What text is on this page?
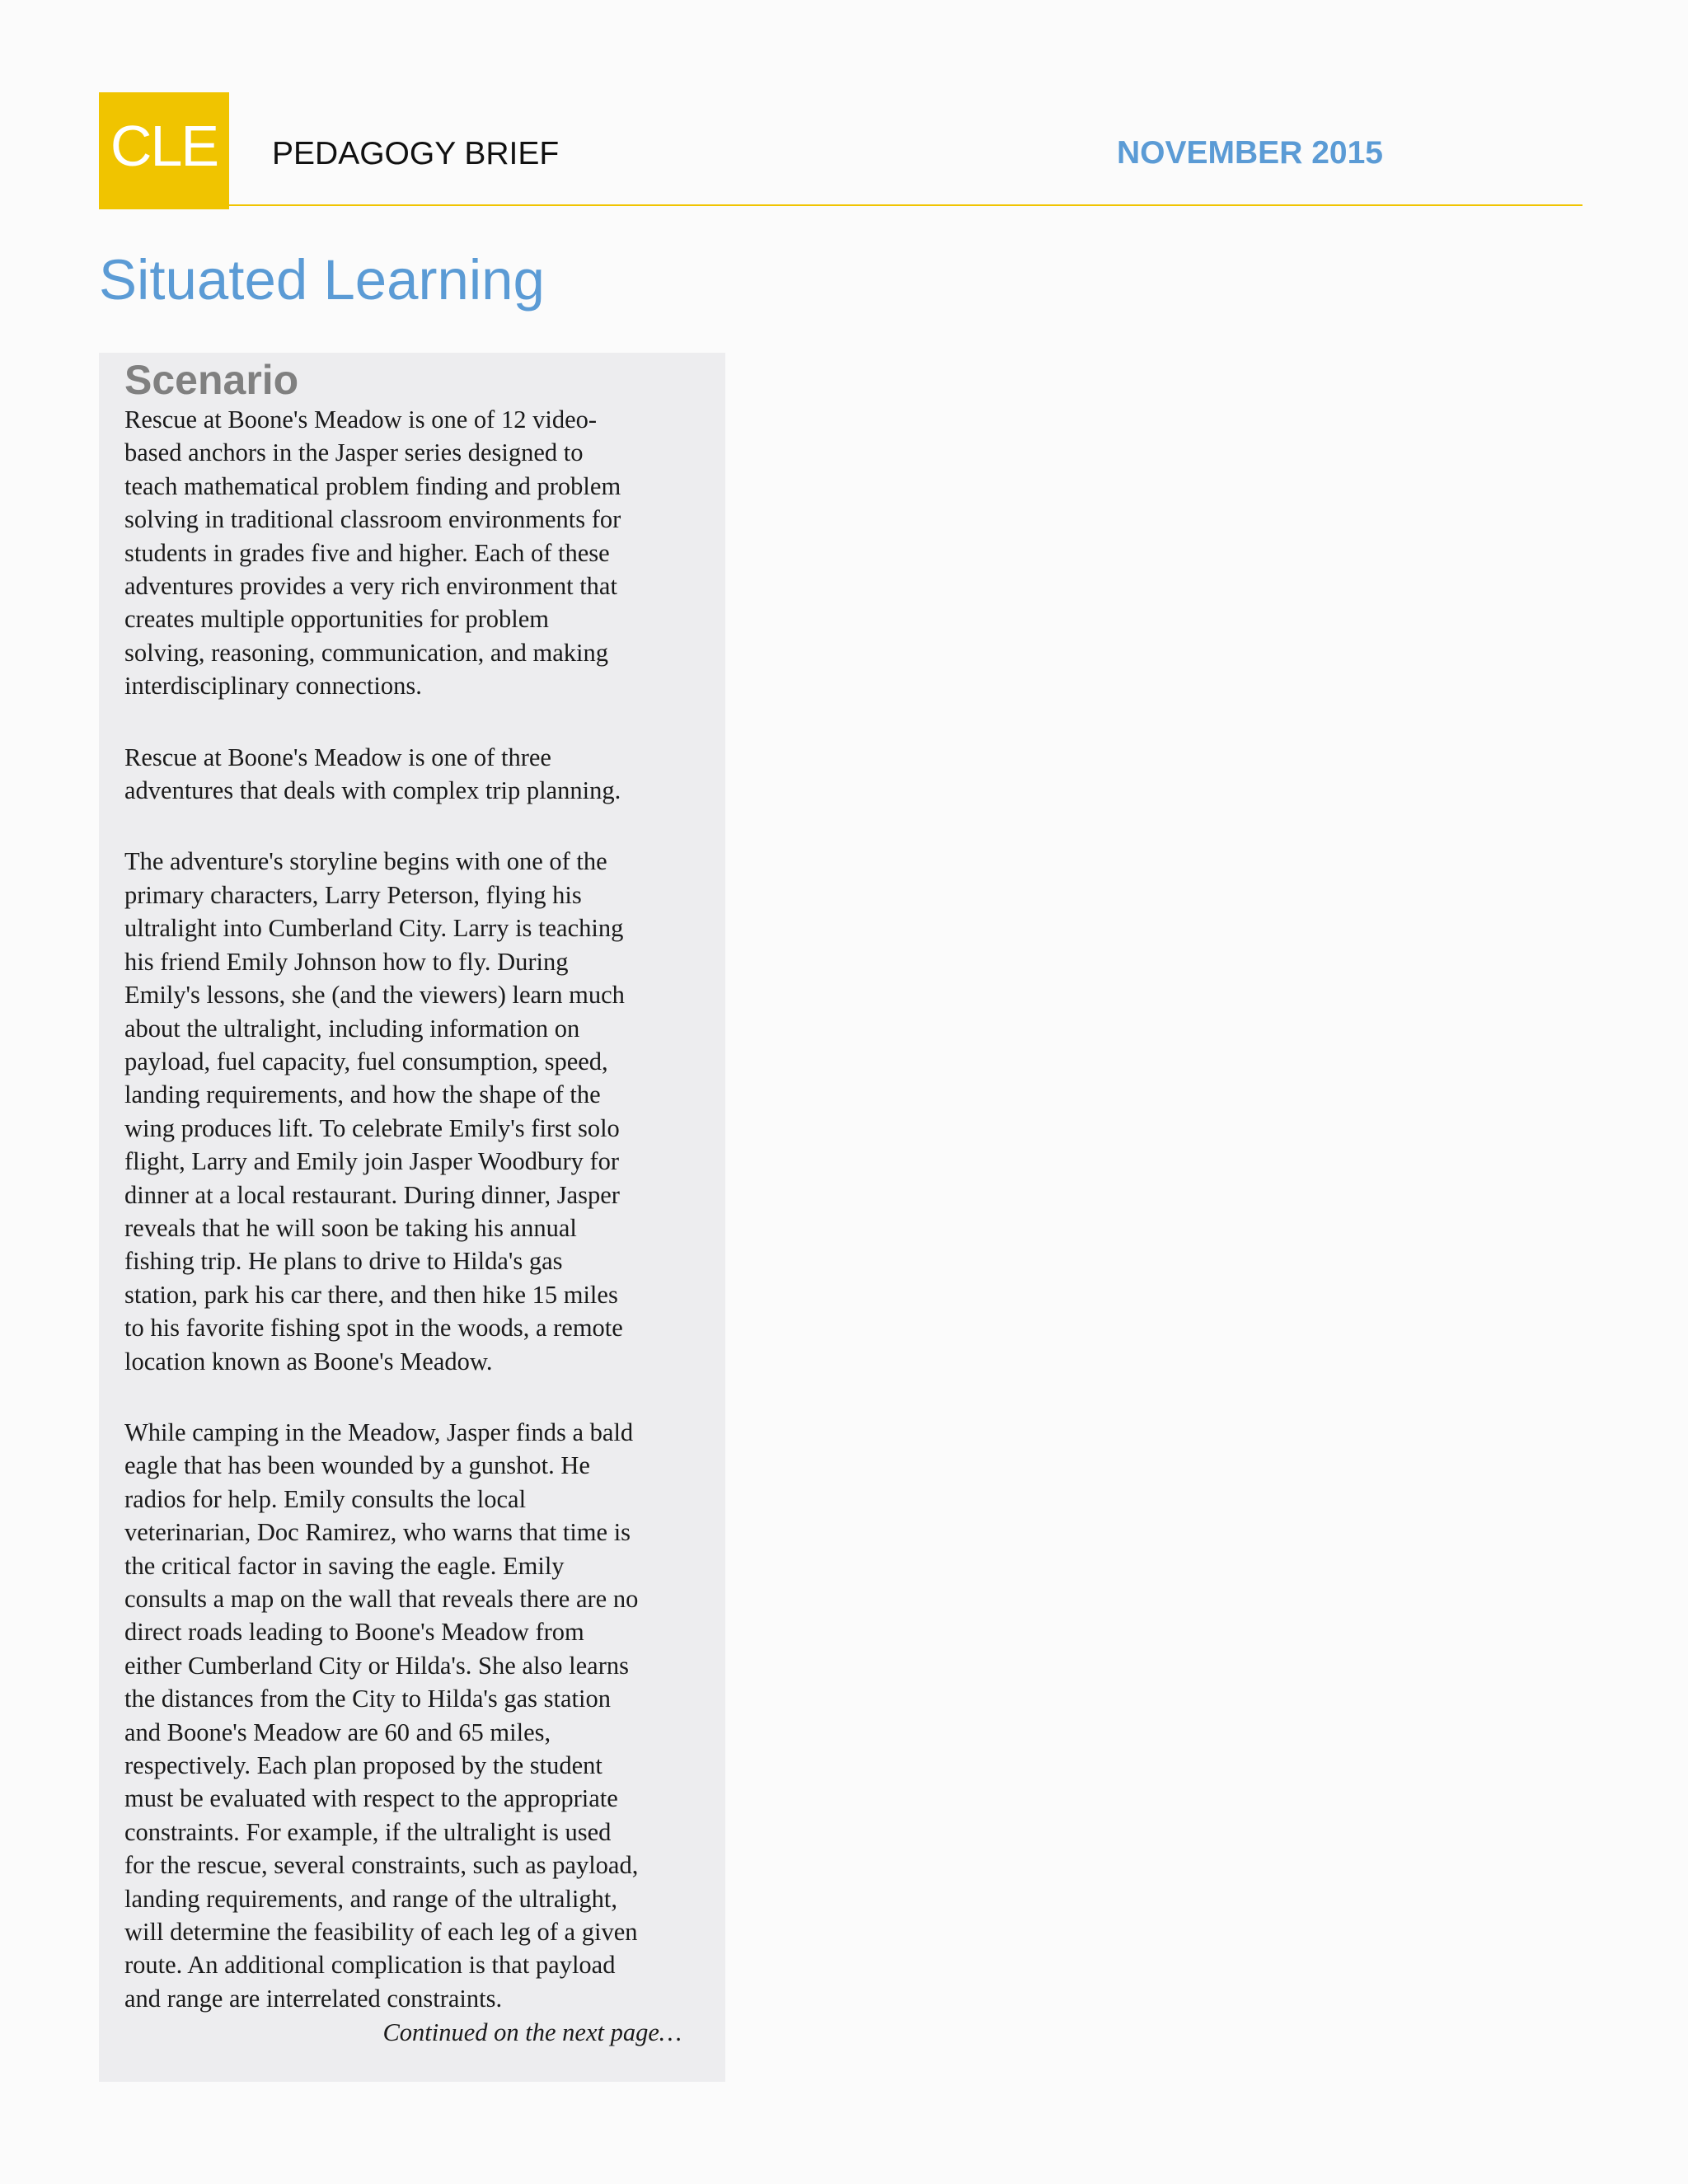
CLE	PEDAGOGY BRIEF	NOVEMBER 2015
Situated Learning
Scenario

Rescue at Boone's Meadow is one of 12 video-
based anchors in the Jasper series designed to
teach mathematical problem finding and problem
solving in traditional classroom environments for
students in grades five and higher. Each of these
adventures provides a very rich environment that
creates multiple opportunities for problem
solving, reasoning, communication, and making
interdisciplinary connections.

Rescue at Boone's Meadow is one of three
adventures that deals with complex trip planning.

The adventure's storyline begins with one of the
primary characters, Larry Peterson, flying his
ultralight into Cumberland City. Larry is teaching
his friend Emily Johnson how to fly. During
Emily's lessons, she (and the viewers) learn much
about the ultralight, including information on
payload, fuel capacity, fuel consumption, speed,
landing requirements, and how the shape of the
wing produces lift. To celebrate Emily's first solo
flight, Larry and Emily join Jasper Woodbury for
dinner at a local restaurant. During dinner, Jasper
reveals that he will soon be taking his annual
fishing trip. He plans to drive to Hilda's gas
station, park his car there, and then hike 15 miles
to his favorite fishing spot in the woods, a remote
location known as Boone's Meadow.

While camping in the Meadow, Jasper finds a bald
eagle that has been wounded by a gunshot. He
radios for help. Emily consults the local
veterinarian, Doc Ramirez, who warns that time is
the critical factor in saving the eagle. Emily
consults a map on the wall that reveals there are no
direct roads leading to Boone's Meadow from
either Cumberland City or Hilda's. She also learns
the distances from the City to Hilda's gas station
and Boone's Meadow are 60 and 65 miles,
respectively. Each plan proposed by the student
must be evaluated with respect to the appropriate
constraints. For example, if the ultralight is used
for the rescue, several constraints, such as payload,
landing requirements, and range of the ultralight,
will determine the feasibility of each leg of a given
route. An additional complication is that payload
and range are interrelated constraints.

Continued on the next page…
